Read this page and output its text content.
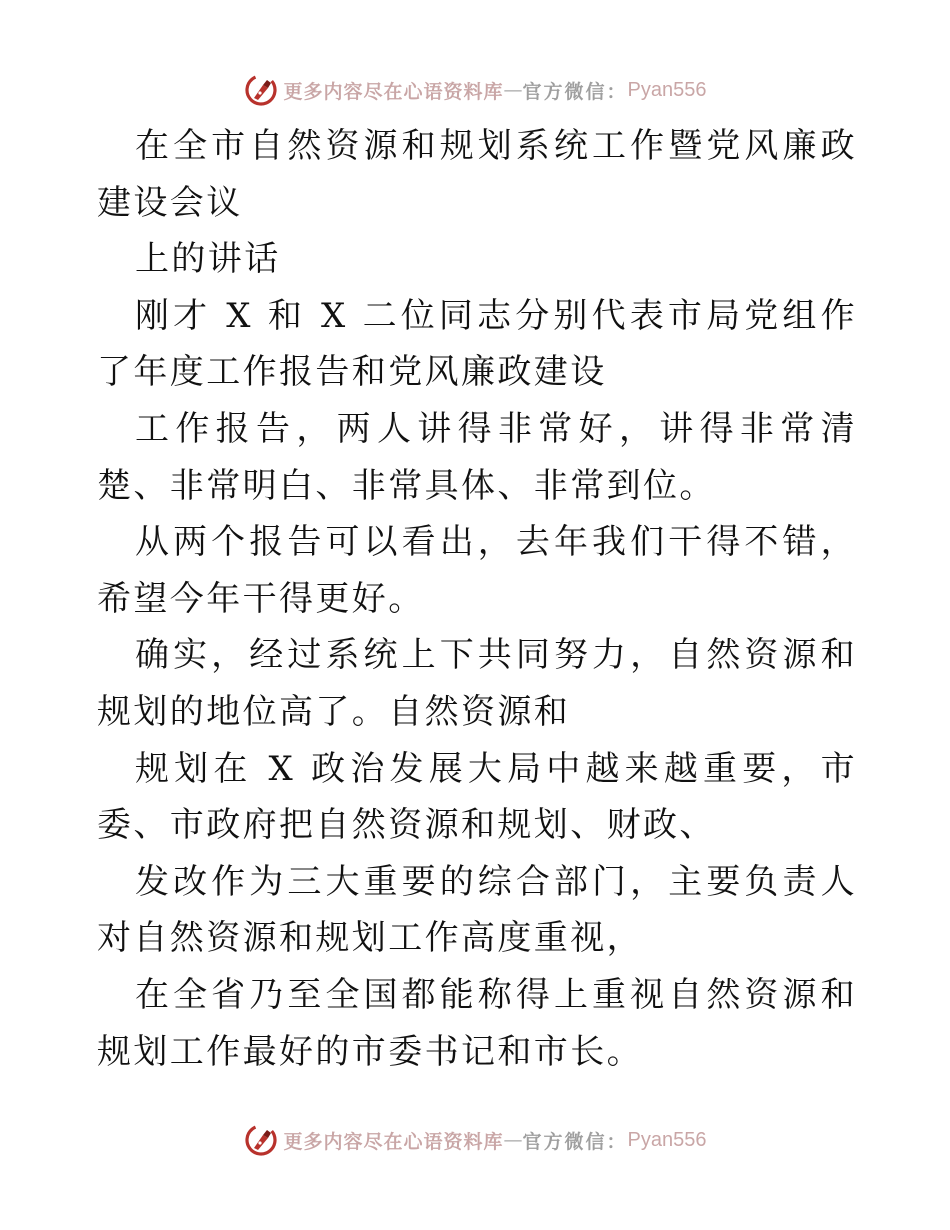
更多内容尽在心语资料库 — 官方微信： Pyan556

在全市自然资源和规划系统工作暨党风廉政建设会议

上的讲话

刚才 X 和 X 二位同志分别代表市局党组作了年度工作报告和党风廉政建设

工作报告，两人讲得非常好，讲得非常清楚、非常明白、非常具体、非常到位。

从两个报告可以看出，去年我们干得不错，希望今年干得更好。

确实，经过系统上下共同努力，自然资源和规划的地位高了。自然资源和

规划在 X 政治发展大局中越来越重要，市委、市政府把自然资源和规划、财政、

发改作为三大重要的综合部门，主要负责人对自然资源和规划工作高度重视，

在全省乃至全国都能称得上重视自然资源和规划工作最好的市委书记和市长。

更多内容尽在心语资料库 — 官方微信： Pyan556
